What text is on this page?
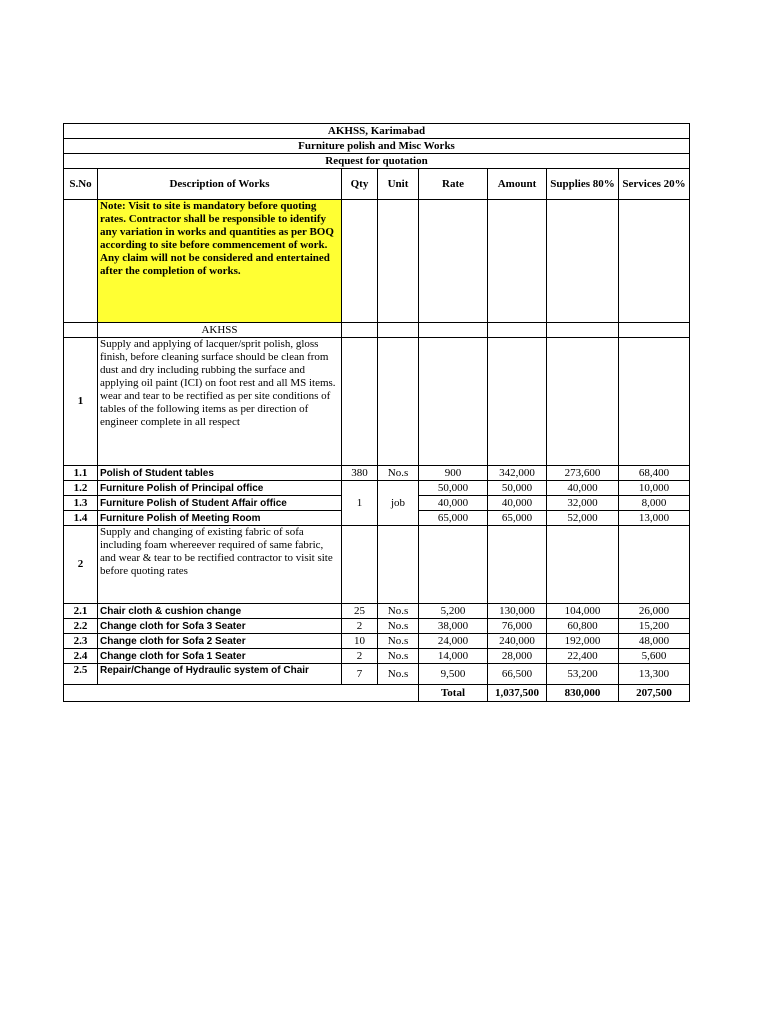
AKHSS, Karimabad							
Furniture polish and Misc Works							
Request for quotation							
S.No	Description of Works	Qty	Unit	Rate	Amount	Supplies 80%	Services 20%
	Note: Visit to site is mandatory before quoting rates. Contractor shall be responsible to identify any variation in works and quantities as per BOQ according to site before commencement of work. Any claim will not be considered and entertained after the completion of works.						
	AKHSS						
1	Supply and applying of lacquer/sprit polish, gloss finish, before cleaning surface should be clean from dust and dry including rubbing the surface and applying oil paint (ICI) on foot rest and all MS items. wear and tear to be rectified as per site conditions of tables of the following items as per direction of engineer complete in all respect						
1.1	Polish of Student tables	380	No.s	900	342,000	273,600	68,400
1.2	Furniture Polish of Principal office	1	job	50,000	50,000	40,000	10,000
1.3	Furniture Polish of Student Affair office			40,000	40,000	32,000	8,000
1.4	Furniture Polish of Meeting Room			65,000	65,000	52,000	13,000
2	Supply and changing of existing fabric of sofa including foam whereever required of same fabric, and wear & tear to be rectified contractor to visit site before quoting rates						
2.1	Chair cloth & cushion change	25	No.s	5,200	130,000	104,000	26,000
2.2	Change cloth for Sofa 3 Seater	2	No.s	38,000	76,000	60,800	15,200
2.3	Change cloth for Sofa 2 Seater	10	No.s	24,000	240,000	192,000	48,000
2.4	Change cloth for Sofa 1 Seater	2	No.s	14,000	28,000	22,400	5,600
2.5	Repair/Change of Hydraulic system of Chair	7	No.s	9,500	66,500	53,200	13,300
				Total	1,037,500	830,000	207,500
